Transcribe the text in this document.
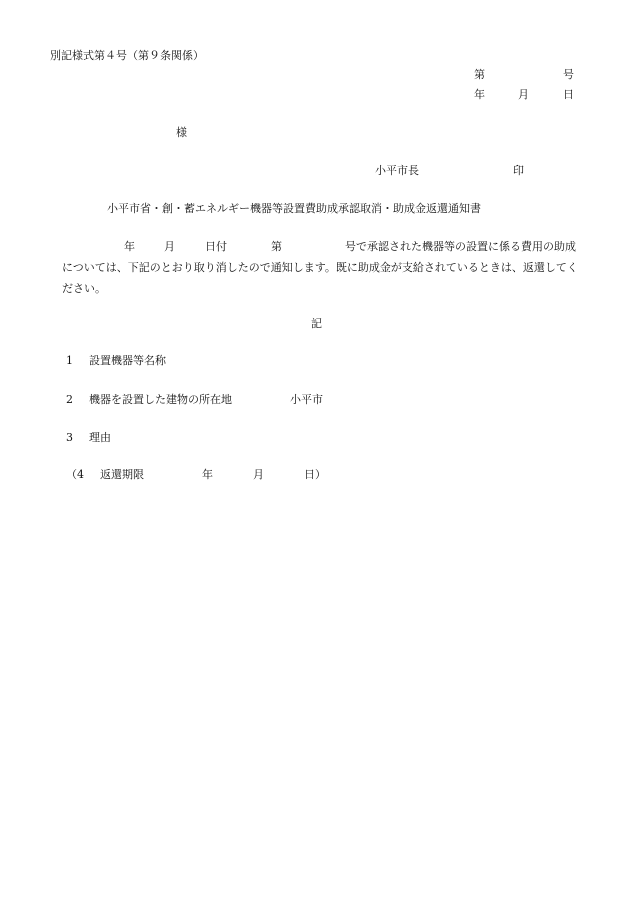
別記様式第４号（第９条関係）
第	号
年	月	日
様
小平市長	印
小平市省・創・蓄エネルギー機器等設置費助成承認取消・助成金返還通知書
年	月	日付	第	号で承認された機器等の設置に係る費用の助成については、下記のとおり取り消したので通知します。既に助成金が支給されているときは、返還してください。
記
1 設置機器等名称
2 機器を設置した建物の所在地	小平市
3 理由
（4 返還期限	年	月	日）
